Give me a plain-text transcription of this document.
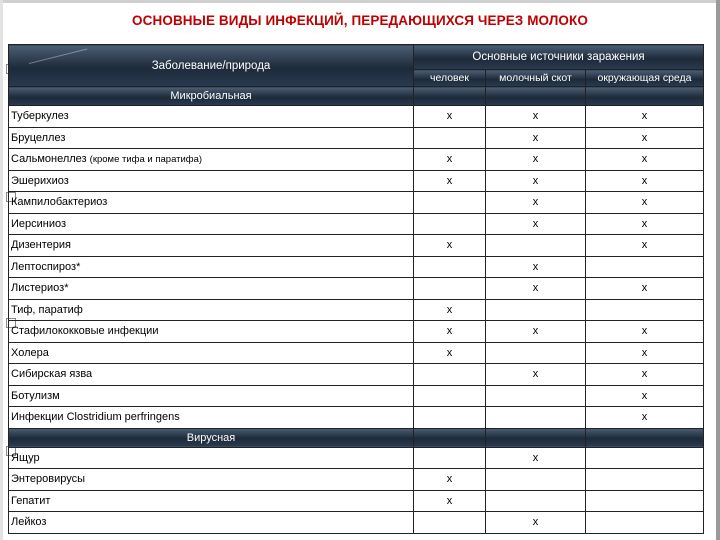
ОСНОВНЫЕ ВИДЫ ИНФЕКЦИЙ, ПЕРЕДАЮЩИХСЯ ЧЕРЕЗ МОЛОКО
Заболевание/природа	Основные источники заражения		
	человек	молочный скот	окружающая среда
Микробиальная			
Туберкулез	x	x	x
Бруцеллез		x	x
Сальмонеллез (кроме тифа и паратифа)	x	x	x
Эшерихиоз	x	x	x
Кампилобактериоз		x	x
Иерсиниоз		x	x
Дизентерия	x		x
Лептоспироз*		x	
Листериоз*		x	x
Тиф, паратиф	x		
Стафилококковые инфекции	x	x	x
Холера	x		x
Сибирская язва		x	x
Ботулизм			x
Инфекции Clostridium perfringens			x
Вирусная			
Ящур		x	
Энтеровирусы	x		
Гепатит	x		
Лейкоз		x	
